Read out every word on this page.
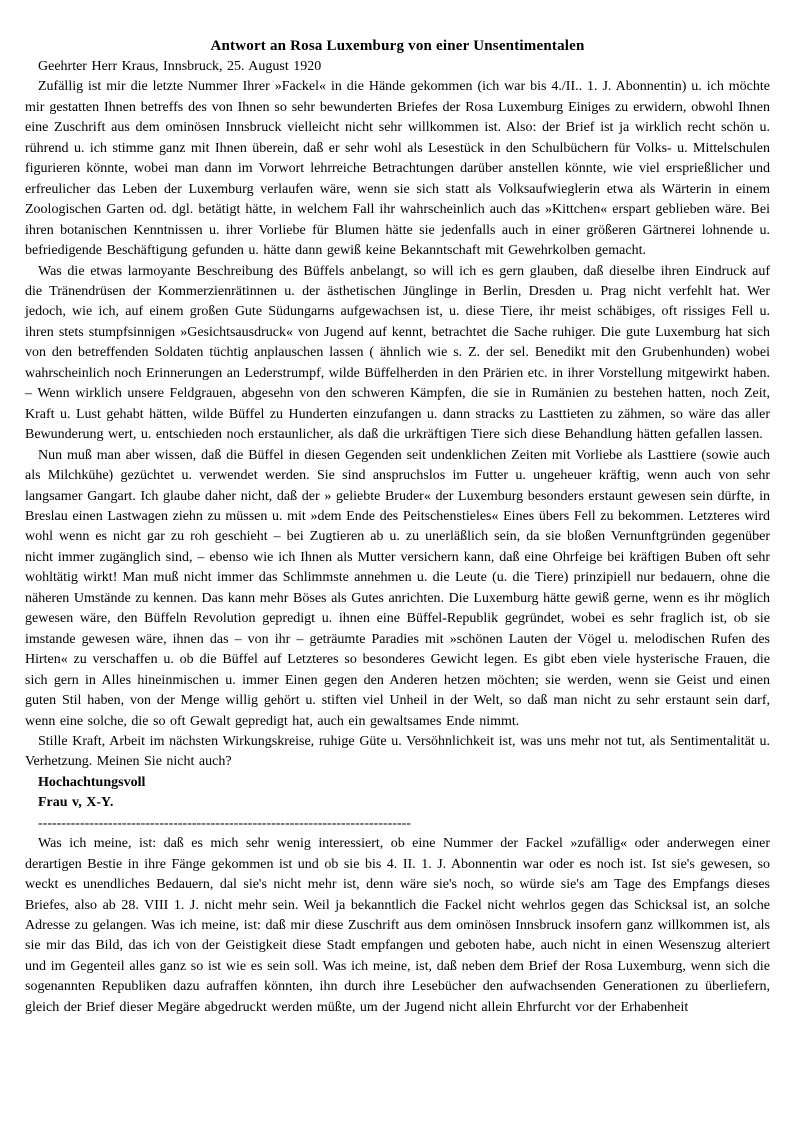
Antwort an Rosa Luxemburg von einer Unsentimentalen

Geehrter Herr Kraus, Innsbruck, 25. August 1920

Zufällig ist mir die letzte Nummer Ihrer »Fackel« in die Hände gekommen (ich war bis 4./II.. 1. J. Abonnentin) u. ich möchte mir gestatten Ihnen betreffs des von Ihnen so sehr bewunderten Briefes der Rosa Luxemburg Einiges zu erwidern, obwohl Ihnen eine Zuschrift aus dem ominösen Innsbruck vielleicht nicht sehr willkommen ist. Also: der Brief ist ja wirklich recht schön u. rührend u. ich stimme ganz mit Ihnen überein, daß er sehr wohl als Lesestück in den Schulbüchern für Volks- u. Mittelschulen figurieren könnte, wobei man dann im Vorwort lehrreiche Betrachtungen darüber anstellen könnte, wie viel ersprießlicher und erfreulicher das Leben der Luxemburg verlaufen wäre, wenn sie sich statt als Volksaufwieglerin etwa als Wärterin in einem Zoologischen Garten od. dgl. betätigt hätte, in welchem Fall ihr wahrscheinlich auch das »Kittchen« erspart geblieben wäre. Bei ihren botanischen Kenntnissen u. ihrer Vorliebe für Blumen hätte sie jedenfalls auch in einer größeren Gärtnerei lohnende u. befriedigende Beschäftigung gefunden u. hätte dann gewiß keine Bekanntschaft mit Gewehrkolben gemacht.

Was die etwas larmoyante Beschreibung des Büffels anbelangt, so will ich es gern glauben, daß dieselbe ihren Eindruck auf die Tränendrüsen der Kommerzienrätinnen u. der ästhetischen Jünglinge in Berlin, Dresden u. Prag nicht verfehlt hat. Wer jedoch, wie ich, auf einem großen Gute Südungarns aufgewachsen ist, u. diese Tiere, ihr meist schäbiges, oft rissiges Fell u. ihren stets stumpfsinnigen »Gesichtsausdruck« von Jugend auf kennt, betrachtet die Sache ruhiger. Die gute Luxemburg hat sich von den betreffenden Soldaten tüchtig anplauschen lassen ( ähnlich wie s. Z. der sel. Benedikt mit den Grubenhunden) wobei wahrscheinlich noch Erinnerungen an Lederstrumpf, wilde Büffelherden in den Prärien etc. in ihrer Vorstellung mitgewirkt haben. – Wenn wirklich unsere Feldgrauen, abgesehn von den schweren Kämpfen, die sie in Rumänien zu bestehen hatten, noch Zeit, Kraft u. Lust gehabt hätten, wilde Büffel zu Hunderten einzufangen u. dann stracks zu Lasttieten zu zähmen, so wäre das aller Bewunderung wert, u. entschieden noch erstaunlicher, als daß die urkräftigen Tiere sich diese Behandlung hätten gefallen lassen.

Nun muß man aber wissen, daß die Büffel in diesen Gegenden seit undenklichen Zeiten mit Vorliebe als Lasttiere (sowie auch als Milchkühe) gezüchtet u. verwendet werden. Sie sind anspruchslos im Futter u. ungeheuer kräftig, wenn auch von sehr langsamer Gangart. Ich glaube daher nicht, daß der » geliebte Bruder« der Luxemburg besonders erstaunt gewesen sein dürfte, in Breslau einen Lastwagen ziehn zu müssen u. mit »dem Ende des Peitschenstieles« Eines übers Fell zu bekommen. Letzteres wird wohl wenn es nicht gar zu roh geschieht – bei Zugtieren ab u. zu unerläßlich sein, da sie bloßen Vernunftgründen gegenüber nicht immer zugänglich sind, – ebenso wie ich Ihnen als Mutter versichern kann, daß eine Ohrfeige bei kräftigen Buben oft sehr wohltätig wirkt! Man muß nicht immer das Schlimmste annehmen u. die Leute (u. die Tiere) prinzipiell nur bedauern, ohne die näheren Umstände zu kennen. Das kann mehr Böses als Gutes anrichten. Die Luxemburg hätte gewiß gerne, wenn es ihr möglich gewesen wäre, den Büffeln Revolution gepredigt u. ihnen eine Büffel-Republik gegründet, wobei es sehr fraglich ist, ob sie imstande gewesen wäre, ihnen das – von ihr – geträumte Paradies mit »schönen Lauten der Vögel u. melodischen Rufen des Hirten« zu verschaffen u. ob die Büffel auf Letzteres so besonderes Gewicht legen. Es gibt eben viele hysterische Frauen, die sich gern in Alles hineinmischen u. immer Einen gegen den Anderen hetzen möchten; sie werden, wenn sie Geist und einen guten Stil haben, von der Menge willig gehört u. stiften viel Unheil in der Welt, so daß man nicht zu sehr erstaunt sein darf, wenn eine solche, die so oft Gewalt gepredigt hat, auch ein gewaltsames Ende nimmt.

Stille Kraft, Arbeit im nächsten Wirkungskreise, ruhige Güte u. Versöhnlichkeit ist, was uns mehr not tut, als Sentimentalität u. Verhetzung. Meinen Sie nicht auch?

Hochachtungsvoll

Frau v, X-Y.

--------------------------------------------------------------------------------

Was ich meine, ist: daß es mich sehr wenig interessiert, ob eine Nummer der Fackel »zufällig« oder anderwegen einer derartigen Bestie in ihre Fänge gekommen ist und ob sie bis 4. II. 1. J. Abonnentin war oder es noch ist. Ist sie's gewesen, so weckt es unendliches Bedauern, dal sie's nicht mehr ist, denn wäre sie's noch, so würde sie's am Tage des Empfangs dieses Briefes, also ab 28. VIII 1. J. nicht mehr sein. Weil ja bekanntlich die Fackel nicht wehrlos gegen das Schicksal ist, an solche Adresse zu gelangen. Was ich meine, ist: daß mir diese Zuschrift aus dem ominösen Innsbruck insofern ganz willkommen ist, als sie mir das Bild, das ich von der Geistigkeit diese Stadt empfangen und geboten habe, auch nicht in einen Wesenszug alteriert und im Gegenteil alles ganz so ist wie es sein soll. Was ich meine, ist, daß neben dem Brief der Rosa Luxemburg, wenn sich die sogenannten Republiken dazu aufraffen könnten, ihn durch ihre Lesebücher den aufwachsenden Generationen zu überliefern, gleich der Brief dieser Megäre abgedruckt werden müßte, um der Jugend nicht allein Ehrfurcht vor der Erhabenheit
